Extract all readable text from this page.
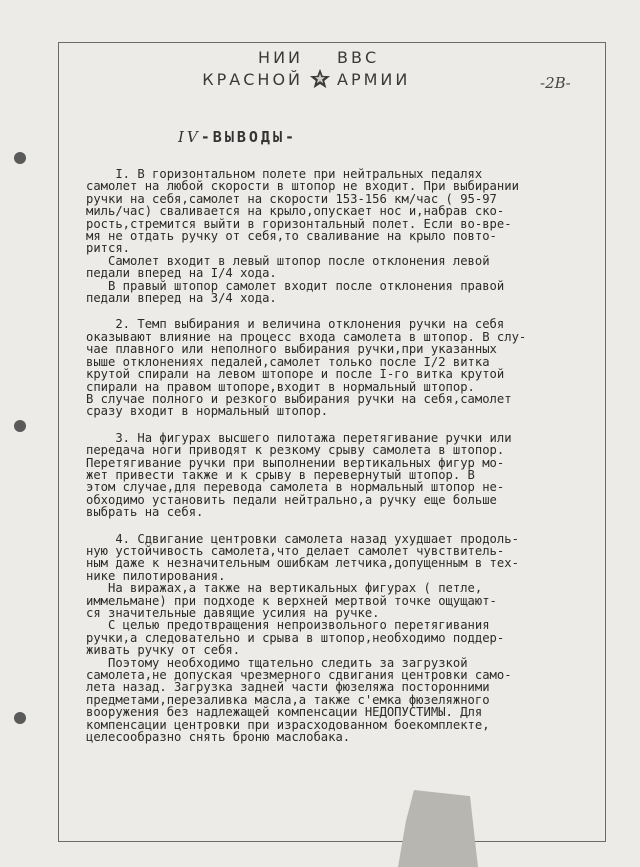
НИИ ВВС
КРАСНОЙ АРМИИ	-2В-
IV-ВЫВОДЫ-

I. В горизонтальном полете при нейтральных педалях

самолет на любой скорости в штопор не входит. При выбирании

ручки на себя,самолет на скорости 153-156 км/час ( 95-97

миль/час) сваливается на крыло,опускает нос и,набрав ско-

рость,стремится выйти в горизонтальный полет. Если во-вре-

мя не отдать ручку от себя,то сваливание на крыло повто-

рится.

Самолет входит в левый штопор после отклонения левой

педали вперед на I/4 хода.

В правый штопор самолет входит после отклонения правой

педали вперед на 3/4 хода.

2. Темп выбирания и величина отклонения ручки на себя

оказывают влияние на процесс входа самолета в штопор. В слу-

чае плавного или неполного выбирания ручки,при указанных

выше отклонениях педалей,самолет только после I/2 витка

крутой спирали на левом штопоре и после I-го витка крутой

спирали на правом штопоре,входит в нормальный штопор.

В случае полного и резкого выбирания ручки на себя,самолет

сразу входит в нормальный штопор.

3. На фигурах высшего пилотажа перетягивание ручки или

передача ноги приводят к резкому срыву самолета в штопор.

Перетягивание ручки при выполнении вертикальных фигур мо-

жет привести также и к срыву в перевернутый штопор. В

этом случае,для перевода самолета в нормальный штопор не-

обходимо установить педали нейтрально,а ручку еще больше

выбрать на себя.

4. Сдвигание центровки самолета назад ухудшает продоль-

ную устойчивость самолета,что делает самолет чувствитель-

ным даже к незначительным ошибкам летчика,допущенным в тех-

нике пилотирования.

На виражах,а также на вертикальных фигурах ( петле,

иммельмане) при подходе к верхней мертвой точке ощущают-

ся значительные давящие усилия на ручке.

С целью предотвращения непроизвольного перетягивания

ручки,а следовательно и срыва в штопор,необходимо поддер-

живать ручку от себя.

Поэтому необходимо тщательно следить за загрузкой

самолета,не допуская чрезмерного сдвигания центровки само-

лета назад. Загрузка задней части фюзеляжа посторонними

предметами,перезаливка масла,а также с'емка фюзеляжного

вооружения без надлежащей компенсации НЕДОПУСТИМЫ. Для

компенсации центровки при израсходованном боекомплекте,

целесообразно снять броню маслобака.
